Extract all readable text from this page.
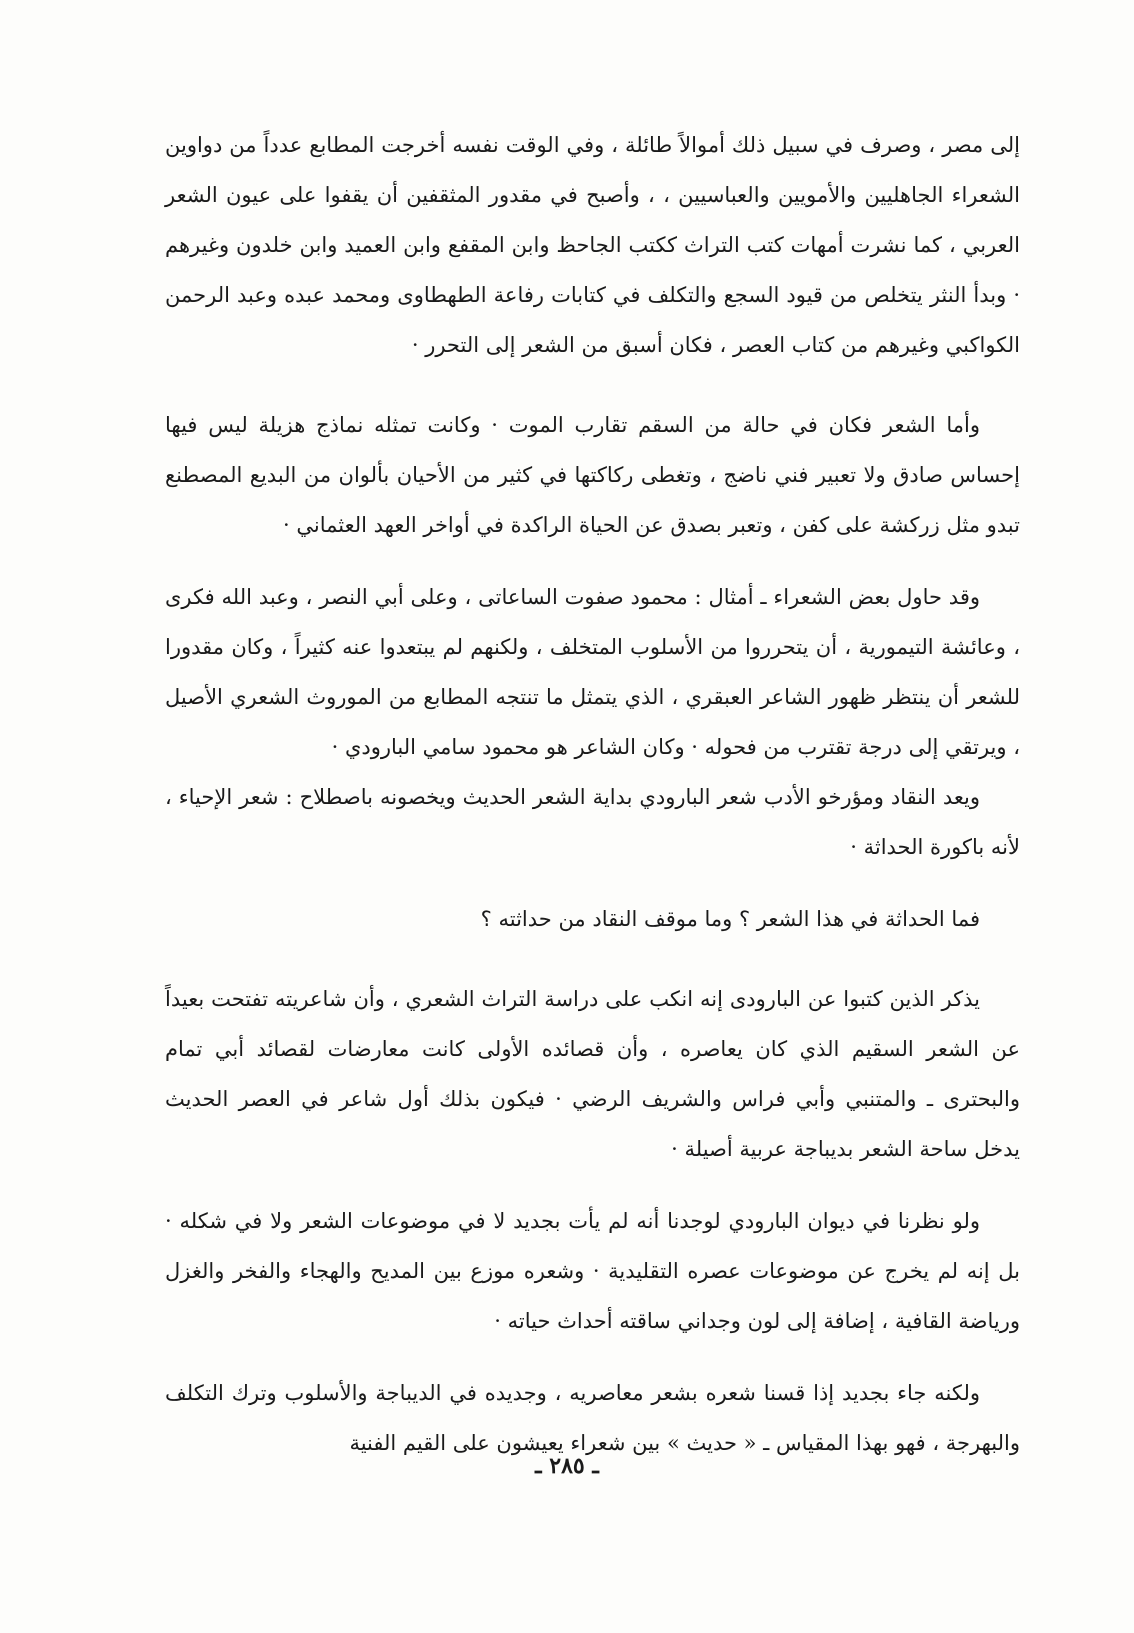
إلى مصر ، وصرف في سبيل ذلك أموالاً طائلة ، وفي الوقت نفسه أخرجت المطابع عدداً من دواوين الشعراء الجاهليين والأمويين والعباسيين ، ، وأصبح في مقدور المثقفين أن يقفوا على عيون الشعر العربي ، كما نشرت أمهات كتب التراث ككتب الجاحظ وابن المقفع وابن العميد وابن خلدون وغيرهم · وبدأ النثر يتخلص من قيود السجع والتكلف في كتابات رفاعة الطهطاوى ومحمد عبده وعبد الرحمن الكواكبي وغيرهم من كتاب العصر ، فكان أسبق من الشعر إلى التحرر ·

وأما الشعر فكان في حالة من السقم تقارب الموت · وكانت تمثله نماذج هزيلة ليس فيها إحساس صادق ولا تعبير فني ناضج ، وتغطى ركاكتها في كثير من الأحيان بألوان من البديع المصطنع تبدو مثل زركشة على كفن ، وتعبر بصدق عن الحياة الراكدة في أواخر العهد العثماني ·

وقد حاول بعض الشعراء ـ أمثال : محمود صفوت الساعاتى ، وعلى أبي النصر ، وعبد الله فكرى ، وعائشة التيمورية ، أن يتحرروا من الأسلوب المتخلف ، ولكنهم لم يبتعدوا عنه كثيراً ، وكان مقدورا للشعر أن ينتظر ظهور الشاعر العبقري ، الذي يتمثل ما تنتجه المطابع من الموروث الشعري الأصيل ، ويرتقي إلى درجة تقترب من فحوله · وكان الشاعر هو محمود سامي البارودي ·

ويعد النقاد ومؤرخو الأدب شعر البارودي بداية الشعر الحديث ويخصونه باصطلاح : شعر الإحياء ، لأنه باكورة الحداثة ·

فما الحداثة في هذا الشعر ؟ وما موقف النقاد من حداثته ؟

يذكر الذين كتبوا عن البارودى إنه انكب على دراسة التراث الشعري ، وأن شاعريته تفتحت بعيداً عن الشعر السقيم الذي كان يعاصره ، وأن قصائده الأولى كانت معارضات لقصائد أبي تمام والبحترى ـ والمتنبي وأبي فراس والشريف الرضي · فيكون بذلك أول شاعر في العصر الحديث يدخل ساحة الشعر بديباجة عربية أصيلة ·

ولو نظرنا في ديوان البارودي لوجدنا أنه لم يأت بجديد لا في موضوعات الشعر ولا في شكله · بل إنه لم يخرج عن موضوعات عصره التقليدية · وشعره موزع بين المديح والهجاء والفخر والغزل ورياضة القافية ، إضافة إلى لون وجداني ساقته أحداث حياته ·

ولكنه جاء بجديد إذا قسنا شعره بشعر معاصريه ، وجديده في الديباجة والأسلوب وترك التكلف والبهرجة ، فهو بهذا المقياس ـ « حديث » بين شعراء يعيشون على القيم الفنية

ـ ٢٨٥ ـ
